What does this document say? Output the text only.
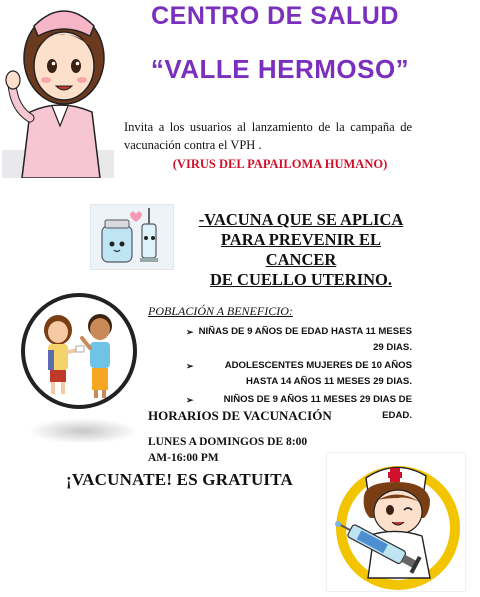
CENTRO DE SALUD
“VALLE HERMOSO”
Invita a los usuarios al lanzamiento de la campaña de vacunación contra el VPH .
(VIRUS DEL PAPAILOMA HUMANO)
-VACUNA QUE SE APLICA
PARA PREVENIR EL CANCER
DE CUELLO UTERINO.
POBLACIÓN A BENEFICIO:
➢ NIÑAS DE 9 AÑOS DE EDAD HASTA 11 MESES 29 DIAS.
➢	ADOLESCENTES MUJERES DE 10 AÑOS HASTA 14 AÑOS 11 MESES 29 DIAS.
➢	NIÑOS DE 9 AÑOS 11 MESES 29 DIAS DE EDAD.
HORARIOS DE VACUNACIÓN
LUNES A DOMINGOS DE 8:00 AM-16:00 PM
¡VACUNATE! ES GRATUITA
